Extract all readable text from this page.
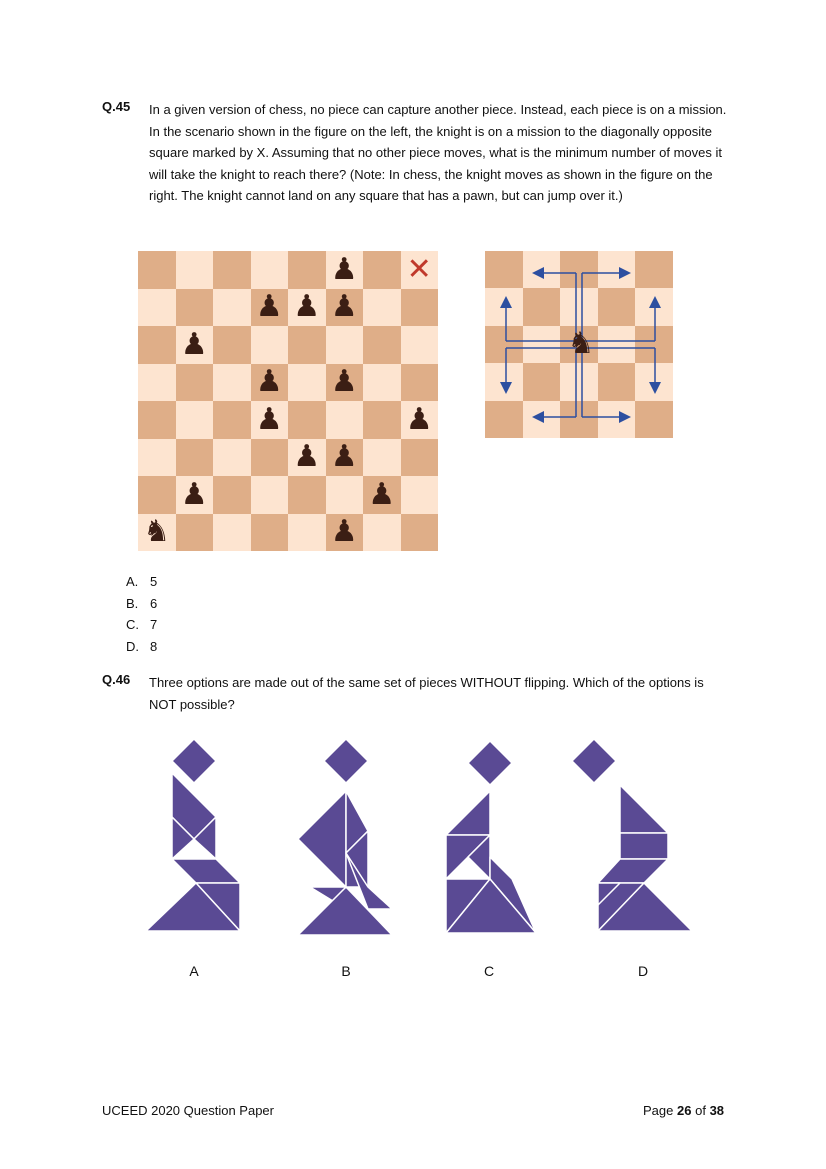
Q.45 In a given version of chess, no piece can capture another piece. Instead, each piece is on a mission. In the scenario shown in the figure on the left, the knight is on a mission to the diagonally opposite square marked by X. Assuming that no other piece moves, what is the minimum number of moves it will take the knight to reach there? (Note: In chess, the knight moves as shown in the figure on the right. The knight cannot land on any square that has a pawn, but can jump over it.)
♟ ✕
♟ ♟ ♟
♟
♟ ♟
♟	♟
♟ ♟
♟	♟
♞	♟
♞
A. 5
B. 6
C. 7
D. 8
Q.46 Three options are made out of the same set of pieces WITHOUT flipping. Which of the options is NOT possible?
A	B	C	D
UCEED 2020 Question Paper	Page 26 of 38
